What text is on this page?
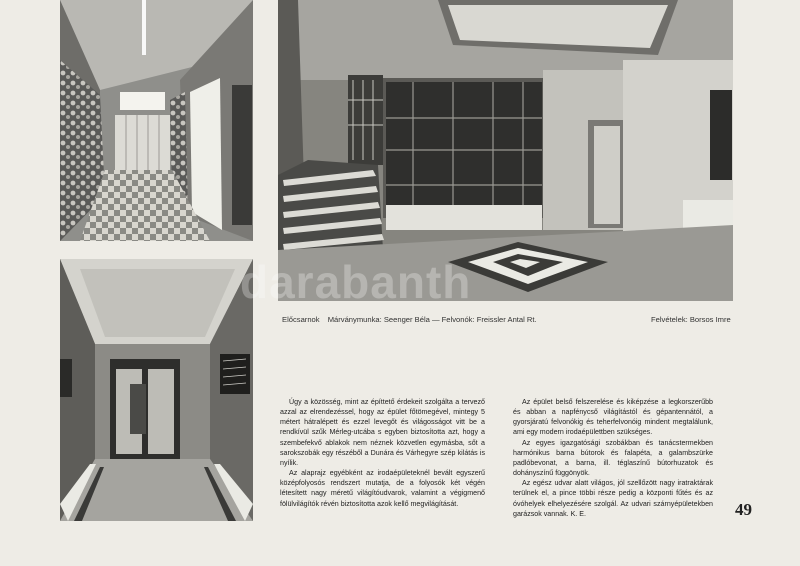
Előcsarnok Márványmunka: Seenger Béla — Felvonók: Freissler Antal Rt.	Felvételek: Borsos Imre

Úgy a közösség, mint az építtető érdekeit szolgálta a tervező azzal az elrendezéssel, hogy az épület főtömegével, mintegy 5 métert hátralépett és ezzel levegőt és világosságot vitt be a rendkívül szűk Mérleg-utcába s egyben biztosította azt, hogy a szembefekvő ablakok nem néznek közvetlen egymásba, sőt a sarokszobák egy részéből a Dunára és Várhegyre szép kilátás is nyílik.

Az alaprajz egyébként az irodaépületeknél bevált egyszerű középfolyosós rendszert mutatja, de a folyosók két végén létesített nagy méretű világítóudvarok, valamint a végigmenő fölülvilágítók révén biztosította azok kellő megvilágítását.

Az épület belső felszerelése és kiképzése a legkorszerűbb és abban a napfénycső világítástól és gépantennától, a gyorsjáratú felvonókig és teherfelvonóig mindent megtalálunk, ami egy modern irodaépülettben szükséges.

Az egyes igazgatósági szobákban és tanácstermekben harmónikus barna bútorok és falapéta, a galambszürke padlóbevonat, a barna, ill. téglaszínű bútorhuzatok és dohányszínű függönyök.

Az egész udvar alatt világos, jól szellőzött nagy iratraktárak terülnek el, a pince többi része pedig a központi fűtés és az óvóhelyek elhelyezésére szolgál. Az udvari szárnyépületekben garázsok vannak. K. E.	49
darabanth
